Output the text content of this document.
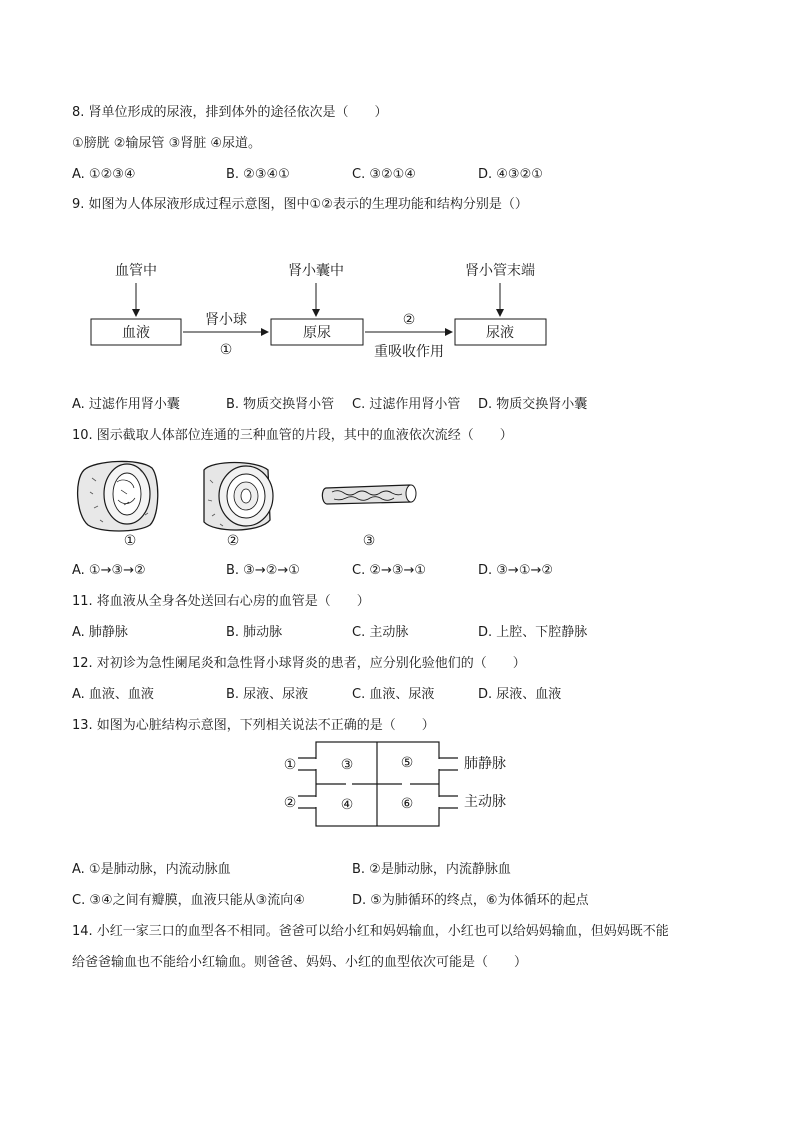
8. 肾单位形成的尿液，排到体外的途径依次是（　　）
①膀胱 ②输尿管 ③肾脏 ④尿道。
A. ①②③④	B. ②③④①	C. ③②①④	D. ④③②①
9. 如图为人体尿液形成过程示意图，图中①②表示的生理功能和结构分别是（）
血管中	肾小囊中	肾小管末端
血液	原尿	尿液
肾小球
①
②
重吸收作用
A. 过滤作用肾小囊	B. 物质交换肾小管 C. 过滤作用肾小管 D. 物质交换肾小囊
10. 图示截取人体部位连通的三种血管的片段，其中的血液依次流经（　　）
①	②	③
A. ①→③→②	B. ③→②→①	C. ②→③→①	D. ③→①→②
11. 将血液从全身各处送回右心房的血管是（　　）
A. 肺静脉	B. 肺动脉	C. 主动脉	D. 上腔、下腔静脉
12. 对初诊为急性阑尾炎和急性肾小球肾炎的患者，应分别化验他们的（　　）
A. 血液、血液	B. 尿液、尿液	C. 血液、尿液	D. 尿液、血液
13. 如图为心脏结构示意图，下列相关说法不正确的是（　　）
①
②
③	⑤
④	⑥
肺静脉
主动脉
A. ①是肺动脉，内流动脉血	B. ②是肺动脉，内流静脉血
C. ③④之间有瓣膜，血液只能从③流向④	D. ⑤为肺循环的终点，⑥为体循环的起点
14. 小红一家三口的血型各不相同。爸爸可以给小红和妈妈输血，小红也可以给妈妈输血，但妈妈既不能
给爸爸输血也不能给小红输血。则爸爸、妈妈、小红的血型依次可能是（　　）
